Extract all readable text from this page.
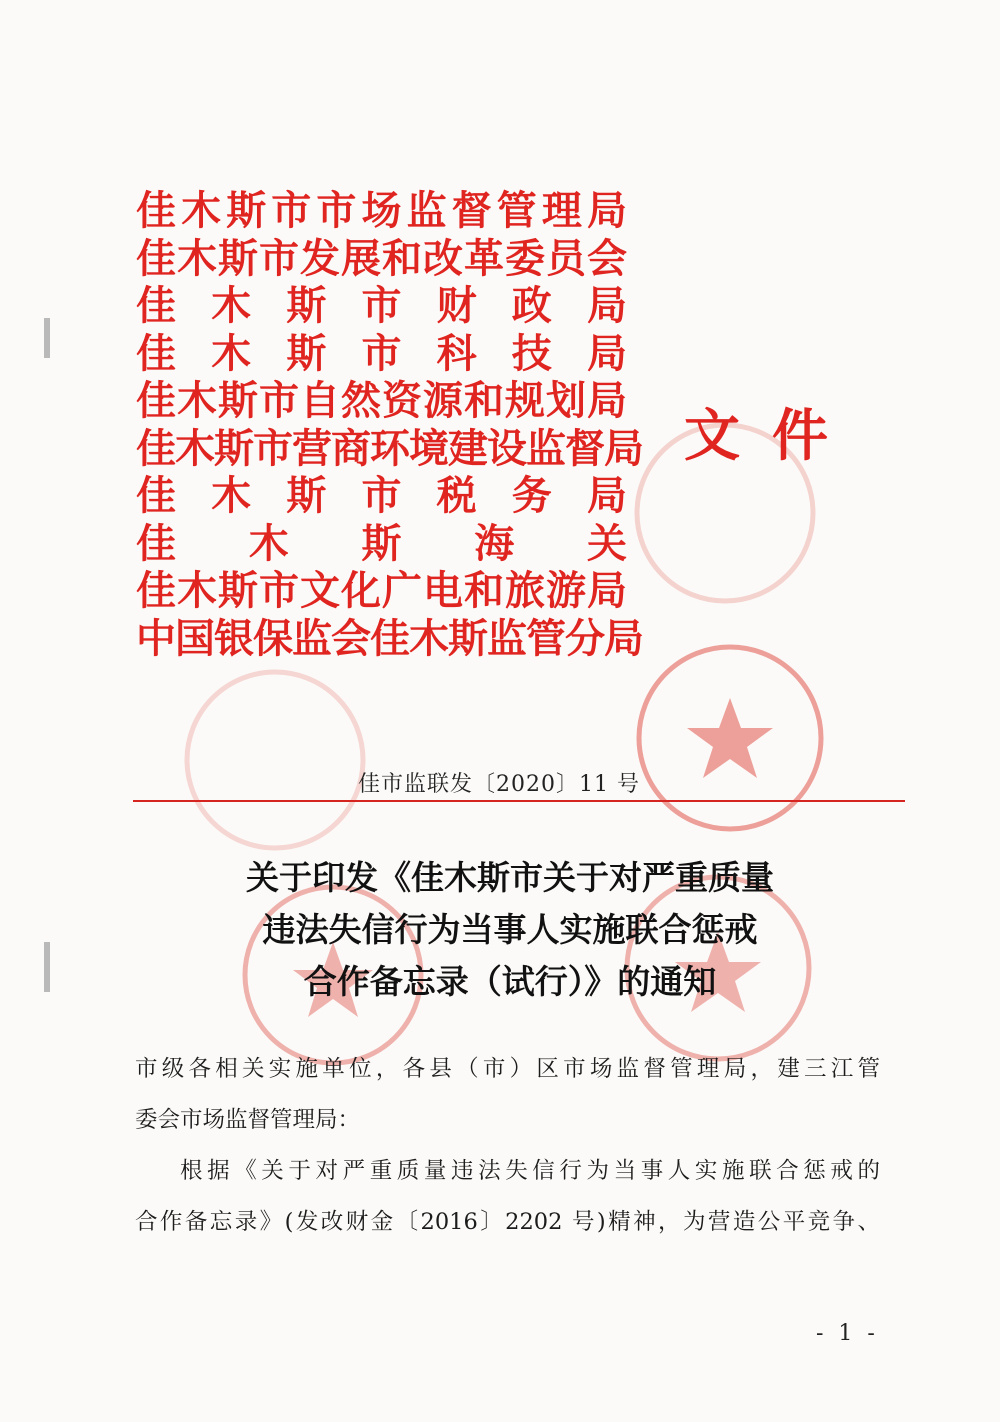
佳 木 斯 市 市 场 监 督 管 理 局
佳 木 斯 市 发 展 和 改 革 委 员 会
佳 木 斯 市 财 政 局
佳 木 斯 市 科 技 局
佳 木 斯 市 自 然 资 源 和 规 划 局
佳 木 斯 市 营 商 环 境 建 设 监 督 局
佳 木 斯 市 税 务 局
佳 木 斯 海 关
佳 木 斯 市 文 化 广 电 和 旅 游 局
中 国 银 保 监 会 佳 木 斯 监 管 分 局
文件
佳市监联发〔2020〕11 号
关于印发《佳木斯市关于对严重质量
违法失信行为当事人实施联合惩戒
合作备忘录（试行）》的通知

市级各相关实施单位，各县（市）区市场监督管理局，建三江管

委会市场监督管理局：

根据《关于对严重质量违法失信行为当事人实施联合惩戒的

合作备忘录》(发改财金〔2016〕2202 号)精神，为营造公平竞争、

- 1 -
